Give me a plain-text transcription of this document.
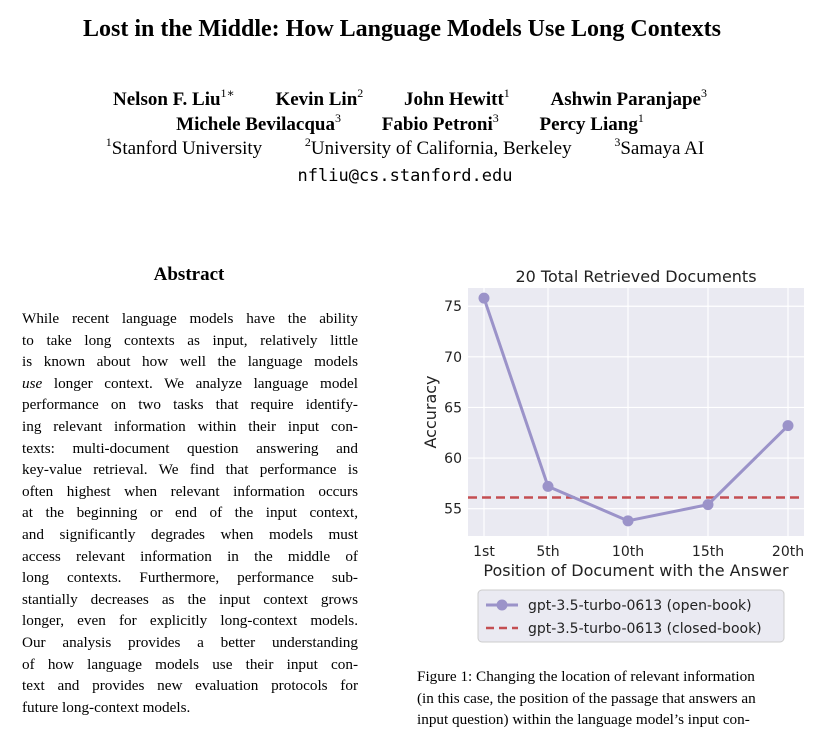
Lost in the Middle: How Language Models Use Long Contexts
Nelson F. Liu$^{1∗}$ Kevin Lin$^2$ John Hewitt$^1$ Ashwin Paranjape$^3$
Michele Bevilacqua$^3$ Fabio Petroni$^3$ Percy Liang$^1$
$^1$Stanford University	$^2$University of California, Berkeley	$^3$Samaya AI
nfliu@cs.stanford.edu
Abstract
While recent language models have the ability
to take long contexts as input, relatively little
is known about how well the language models
use longer context. We analyze language model
performance on two tasks that require identify-
ing relevant information within their input con-
texts: multi-document question answering and
key-value retrieval. We find that performance is
often highest when relevant information occurs
at the beginning or end of the input context,
and significantly degrades when models must
access relevant information in the middle of
long contexts. Furthermore, performance sub-
stantially decreases as the input context grows
longer, even for explicitly long-context models.
Our analysis provides a better understanding
of how language models use their input con-
text and provides new evaluation protocols for
future long-context models.
20 Total Retrieved Documents
55
60
65
70
75
1st	5th	10th	15th	20th
Position of Document with the Answer
Accuracy
gpt-3.5-turbo-0613 (open-book)
gpt-3.5-turbo-0613 (closed-book)
Figure 1: Changing the location of relevant information
(in this case, the position of the passage that answers an
input question) within the language model’s input con-
